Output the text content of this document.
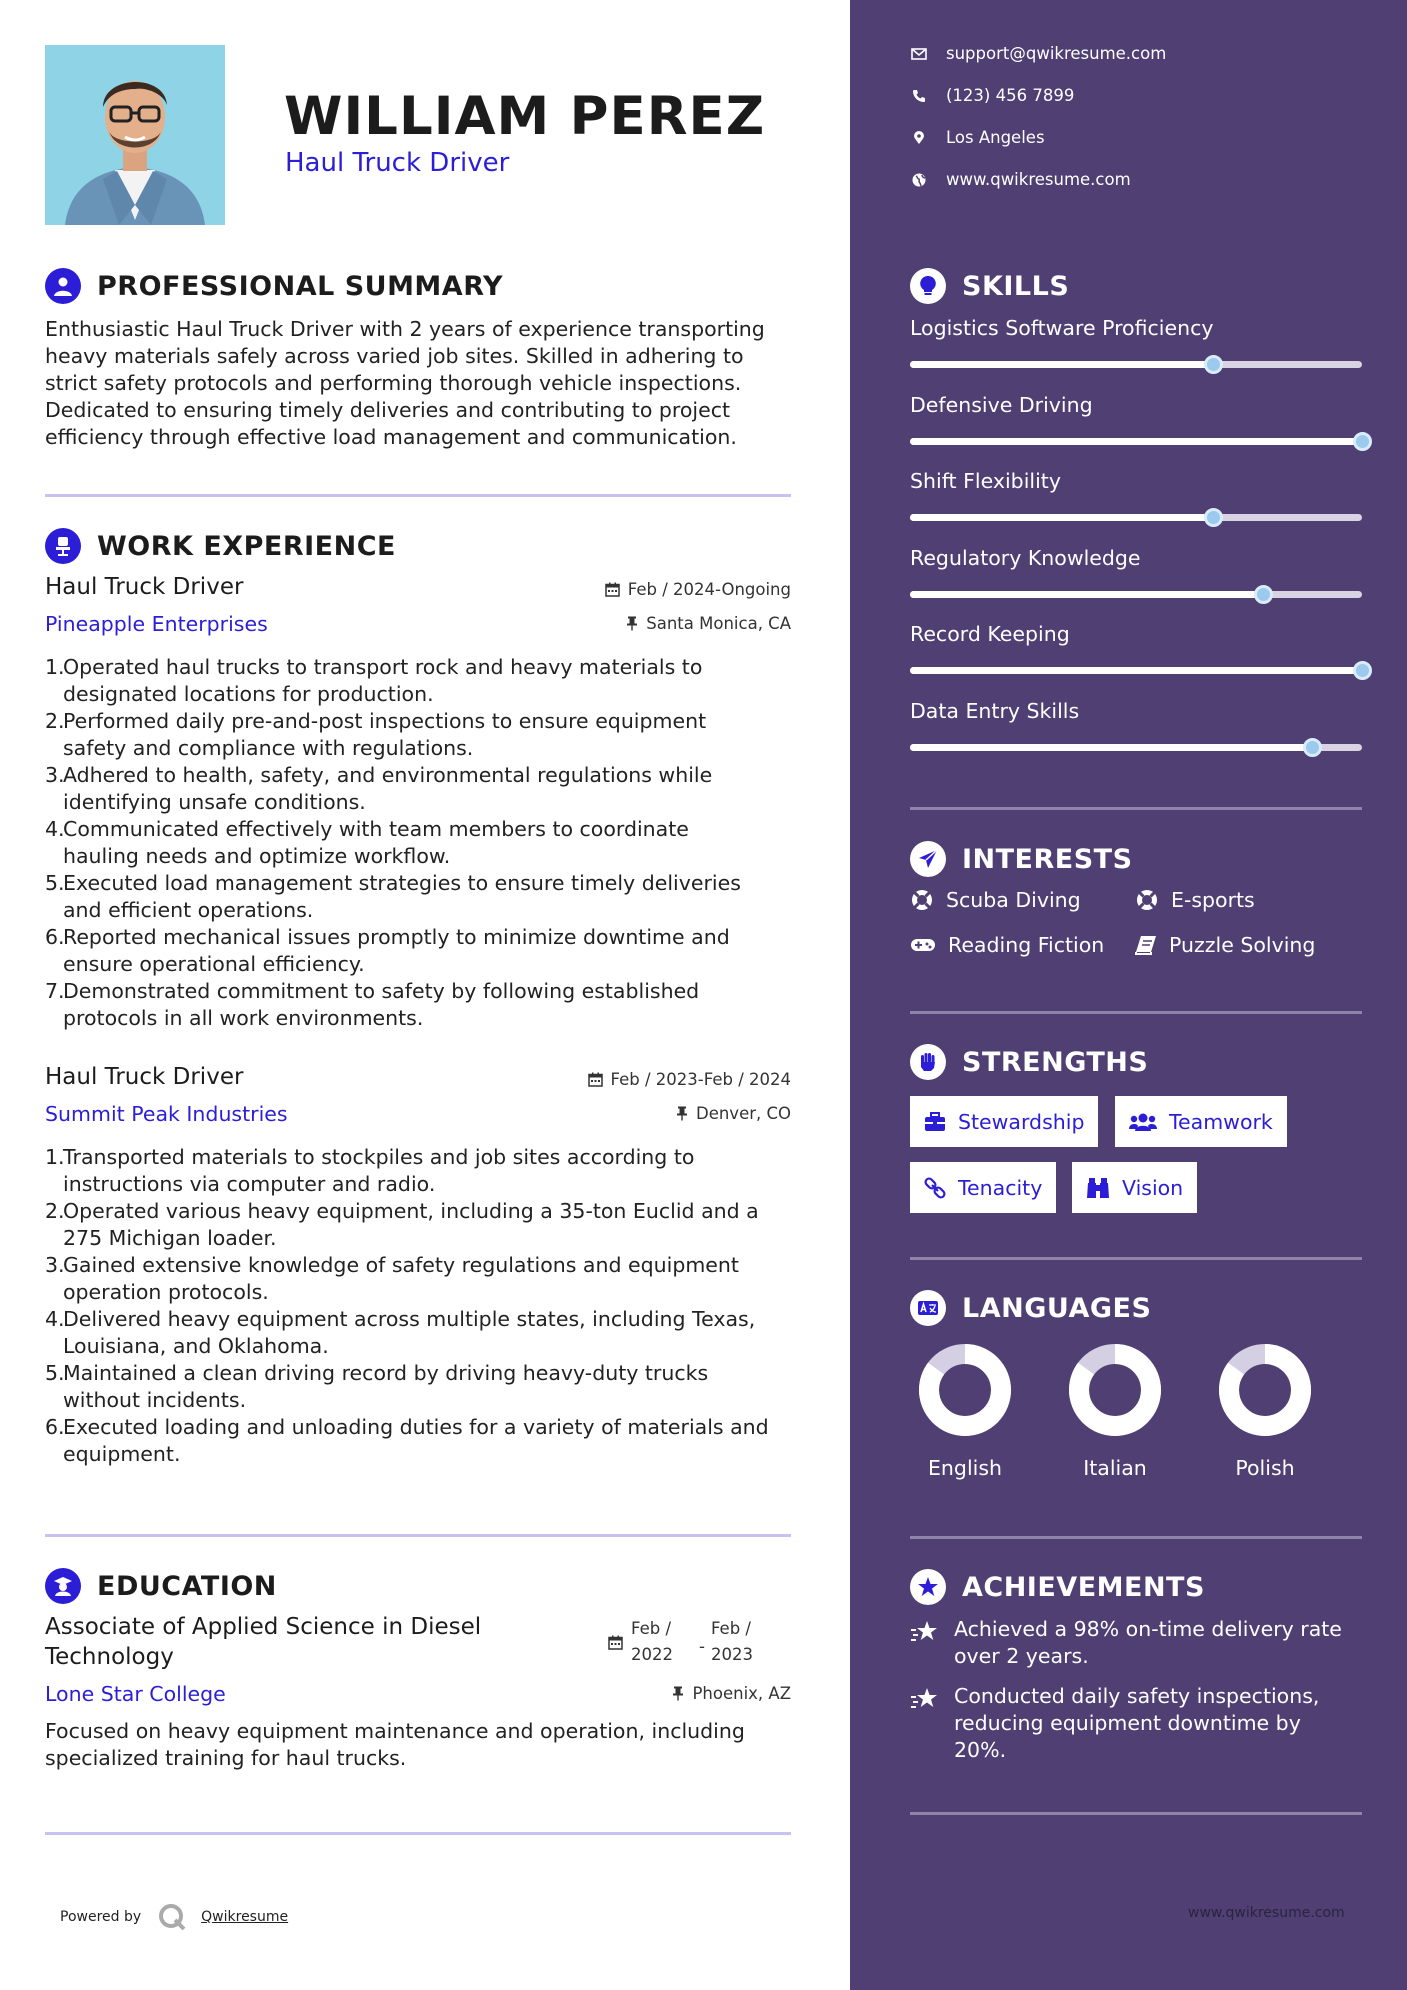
WILLIAM PEREZ
Haul Truck Driver
PROFESSIONAL SUMMARY
Enthusiastic Haul Truck Driver with 2 years of experience transporting
heavy materials safely across varied job sites. Skilled in adhering to
strict safety protocols and performing thorough vehicle inspections.
Dedicated to ensuring timely deliveries and contributing to project
efficiency through effective load management and communication.
WORK EXPERIENCE
Haul Truck Driver	Feb / 2024-Ongoing
Pineapple Enterprises	Santa Monica, CA
1.
Operated haul trucks to transport rock and heavy materials to
designated locations for production.
2.
Performed daily pre-and-post inspections to ensure equipment
safety and compliance with regulations.
3.
Adhered to health, safety, and environmental regulations while
identifying unsafe conditions.
4.
Communicated effectively with team members to coordinate
hauling needs and optimize workflow.
5.
Executed load management strategies to ensure timely deliveries
and efficient operations.
6.
Reported mechanical issues promptly to minimize downtime and
ensure operational efficiency.
7.
Demonstrated commitment to safety by following established
protocols in all work environments.
Haul Truck Driver	Feb / 2023-Feb / 2024
Summit Peak Industries	Denver, CO
1.
Transported materials to stockpiles and job sites according to
instructions via computer and radio.
2.
Operated various heavy equipment, including a 35-ton Euclid and a
275 Michigan loader.
3.
Gained extensive knowledge of safety regulations and equipment
operation protocols.
4.
Delivered heavy equipment across multiple states, including Texas,
Louisiana, and Oklahoma.
5.
Maintained a clean driving record by driving heavy-duty trucks
without incidents.
6.
Executed loading and unloading duties for a variety of materials and
equipment.
EDUCATION
Associate of Applied Science in Diesel
Technology
Feb /
2022 -
Feb /
2023
Lone Star College	Phoenix, AZ
Focused on heavy equipment maintenance and operation, including
specialized training for haul trucks.
Powered by	Qwikresume
support@qwikresume.com
(123) 456 7899
Los Angeles
www.qwikresume.com
SKILLS
Logistics Software Proficiency
Defensive Driving
Shift Flexibility
Regulatory Knowledge
Record Keeping
Data Entry Skills
INTERESTS
Scuba Diving	E-sports
Reading Fiction	Puzzle Solving
STRENGTHS
Stewardship	Teamwork
Tenacity	Vision
LANGUAGES
English	Italian	Polish
ACHIEVEMENTS
Achieved a 98% on-time delivery rate
over 2 years.
Conducted daily safety inspections,
reducing equipment downtime by
20%.
www.qwikresume.com
